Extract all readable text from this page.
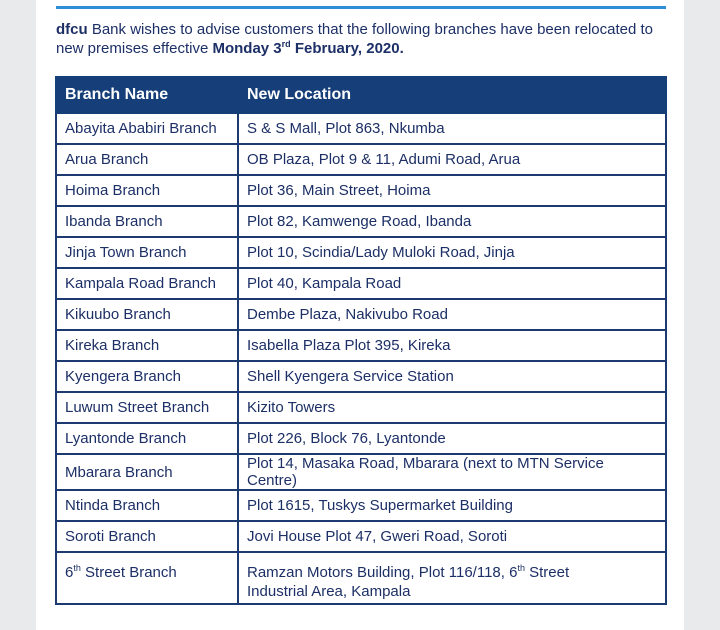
dfcu Bank wishes to advise customers that the following branches have been relocated to new premises effective Monday 3rd February, 2020.
Branch Name	New Location
Abayita Ababiri Branch	S & S Mall, Plot 863, Nkumba
Arua Branch	OB Plaza, Plot 9 & 11, Adumi Road, Arua
Hoima Branch	Plot 36, Main Street, Hoima
Ibanda Branch	Plot 82, Kamwenge Road, Ibanda
Jinja Town Branch	Plot 10, Scindia/Lady Muloki Road, Jinja
Kampala Road Branch	Plot 40, Kampala Road
Kikuubo Branch	Dembe Plaza, Nakivubo Road
Kireka Branch	Isabella Plaza Plot 395, Kireka
Kyengera Branch	Shell Kyengera Service Station
Luwum Street Branch	Kizito Towers
Lyantonde Branch	Plot 226, Block 76, Lyantonde
Mbarara Branch	Plot 14, Masaka Road, Mbarara (next to MTN Service Centre)
Ntinda Branch	Plot 1615, Tuskys Supermarket Building
Soroti Branch	Jovi House Plot 47, Gweri Road, Soroti
6th Street Branch	Ramzan Motors Building, Plot 116/118, 6th Street
Industrial Area, Kampala
